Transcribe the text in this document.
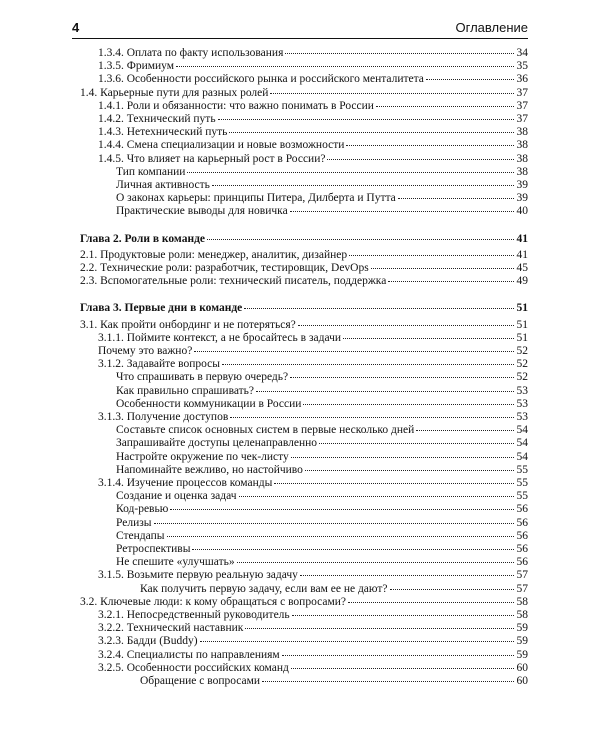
4	Оглавление
1.3.4. Оплата по факту использования	34
1.3.5. Фримиум	35
1.3.6. Особенности российского рынка и российского менталитета	36
1.4. Карьерные пути для разных ролей	37
1.4.1. Роли и обязанности: что важно понимать в России	37
1.4.2. Технический путь	37
1.4.3. Нетехнический путь	38
1.4.4. Смена специализации и новые возможности	38
1.4.5. Что влияет на карьерный рост в России?	38
Тип компании	38
Личная активность	39
О законах карьеры: принципы Питера, Дилберта и Путта	39
Практические выводы для новичка	40
Глава 2. Роли в команде	41
2.1. Продуктовые роли: менеджер, аналитик, дизайнер	41
2.2. Технические роли: разработчик, тестировщик, DevOps	45
2.3. Вспомогательные роли: технический писатель, поддержка	49
Глава 3. Первые дни в команде	51
3.1. Как пройти онбординг и не потеряться?	51
3.1.1. Поймите контекст, а не бросайтесь в задачи	51
Почему это важно?	52
3.1.2. Задавайте вопросы	52
Что спрашивать в первую очередь?	52
Как правильно спрашивать?	53
Особенности коммуникации в России	53
3.1.3. Получение доступов	53
Составьте список основных систем в первые несколько дней	54
Запрашивайте доступы целенаправленно	54
Настройте окружение по чек-листу	54
Напоминайте вежливо, но настойчиво	55
3.1.4. Изучение процессов команды	55
Создание и оценка задач	55
Код-ревью	56
Релизы	56
Стендапы	56
Ретроспективы	56
Не спешите «улучшать»	56
3.1.5. Возьмите первую реальную задачу	57
Как получить первую задачу, если вам ее не дают?	57
3.2. Ключевые люди: к кому обращаться с вопросами?	58
3.2.1. Непосредственный руководитель	58
3.2.2. Технический наставник	59
3.2.3. Бадди (Buddy)	59
3.2.4. Специалисты по направлениям	59
3.2.5. Особенности российских команд	60
Обращение с вопросами	60
